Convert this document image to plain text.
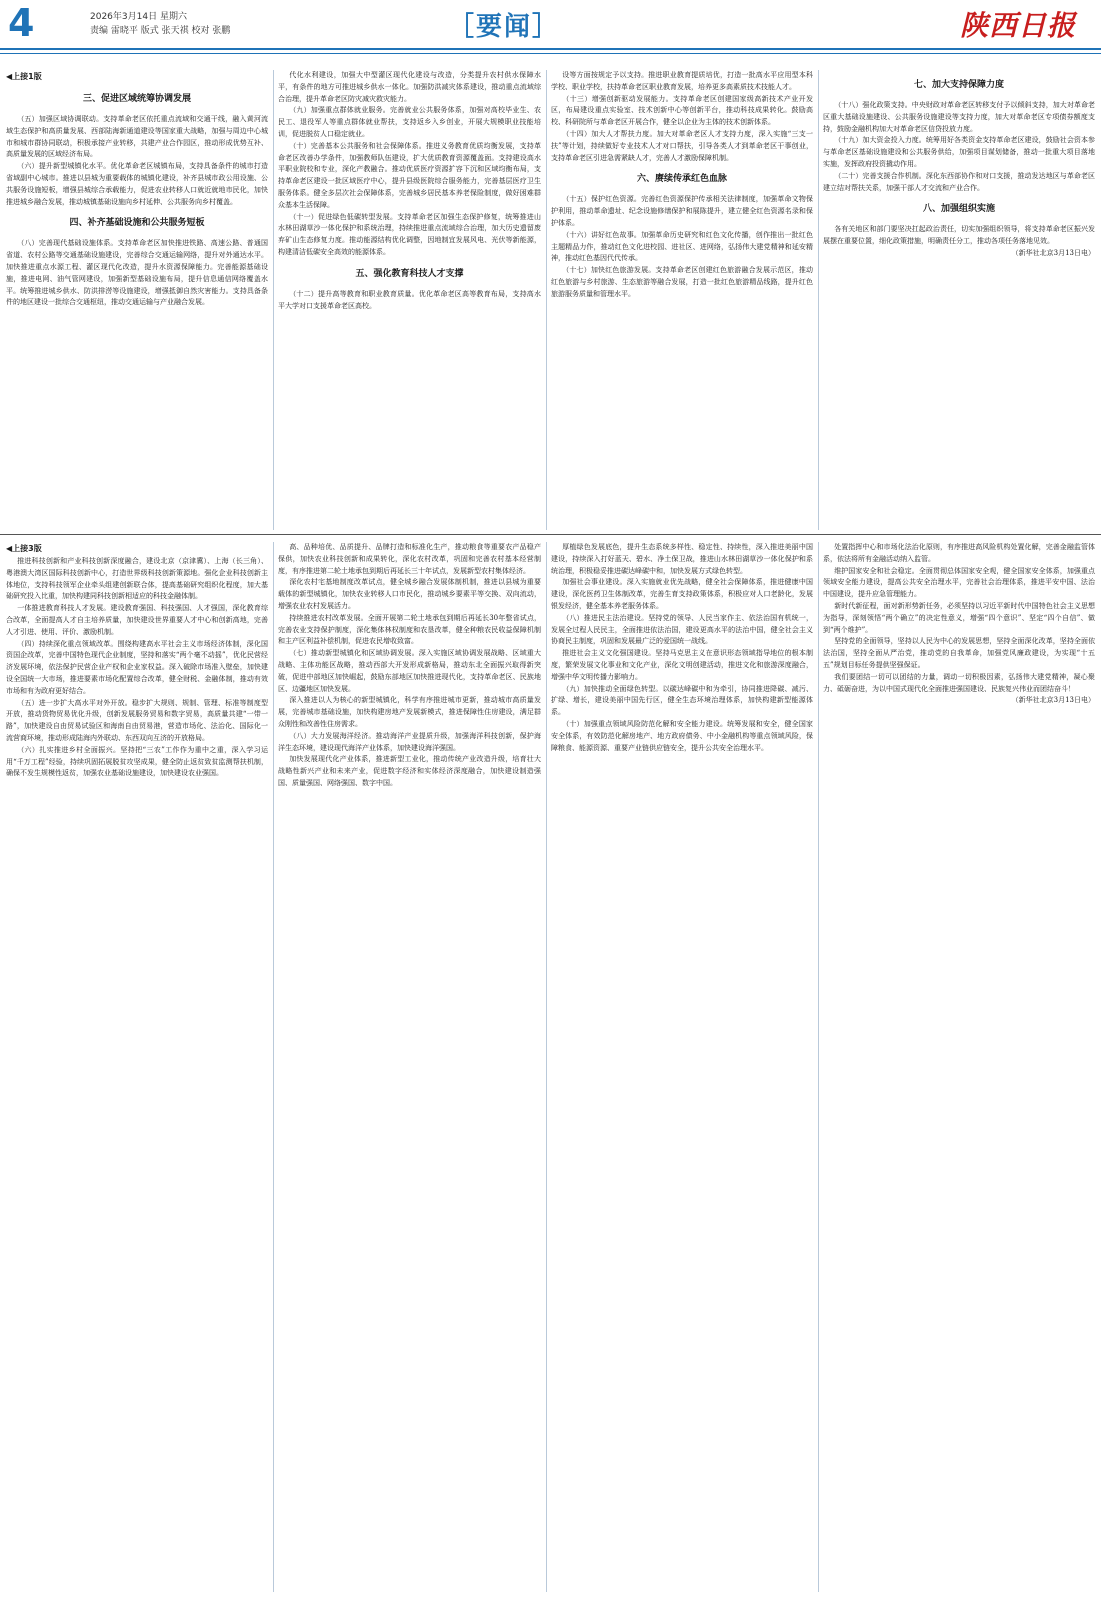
4	2026年3月14日 星期六
责编 雷晓平 版式 张天祺 校对 张鹏	［要闻］	陕西日报

◀上接1版

三、促进区域统筹协调发展

（五）加强区域协调联动。支持革命老区依托重点流域和交通干线，融入黄河流域生态保护和高质量发展、西部陆海新通道建设等国家重大战略，加强与周边中心城市和城市群协同联动，积极承接产业转移，共建产业合作园区，推动形成优势互补、高质量发展的区域经济布局。

（六）提升新型城镇化水平。优化革命老区城镇布局，支持具备条件的城市打造省域副中心城市。推进以县城为重要载体的城镇化建设，补齐县城市政公用设施、公共服务设施短板，增强县城综合承载能力，促进农业转移人口就近就地市民化，加快推进城乡融合发展，推动城镇基础设施向乡村延伸、公共服务向乡村覆盖。

四、补齐基础设施和公共服务短板

（八）完善现代基础设施体系。支持革命老区加快推进铁路、高速公路、普通国省道、农村公路等交通基础设施建设，完善综合交通运输网络，提升对外通达水平。加快推进重点水源工程、灌区现代化改造，提升水资源保障能力。完善能源基础设施，推进电网、油气管网建设，加强新型基础设施布局，提升信息通信网络覆盖水平。统筹推进城乡供水、防洪排涝等设施建设，增强抵御自然灾害能力。支持具备条件的地区建设一批综合交通枢纽，推动交通运输与产业融合发展。

代化水利建设，加强大中型灌区现代化建设与改造，分类提升农村供水保障水平，有条件的地方可推进城乡供水一体化。加强防洪减灾体系建设，推动重点流域综合治理，提升革命老区防灾减灾救灾能力。

（九）加强重点群体就业服务。完善就业公共服务体系，加强对高校毕业生、农民工、退役军人等重点群体就业帮扶，支持返乡入乡创业，开展大规模职业技能培训，促进脱贫人口稳定就业。

（十）完善基本公共服务和社会保障体系。推进义务教育优质均衡发展，支持革命老区改善办学条件，加强教师队伍建设，扩大优质教育资源覆盖面。支持建设高水平职业院校和专业，深化产教融合。推动优质医疗资源扩容下沉和区域均衡布局，支持革命老区建设一批区域医疗中心，提升县级医院综合服务能力，完善基层医疗卫生服务体系。健全多层次社会保障体系，完善城乡居民基本养老保险制度，做好困难群众基本生活保障。

（十一）促进绿色低碳转型发展。支持革命老区加强生态保护修复，统筹推进山水林田湖草沙一体化保护和系统治理，持续推进重点流域综合治理，加大历史遗留废弃矿山生态修复力度。推动能源结构优化调整，因地制宜发展风电、光伏等新能源，构建清洁低碳安全高效的能源体系。

五、强化教育科技人才支撑

（十二）提升高等教育和职业教育质量。优化革命老区高等教育布局，支持高水平大学对口支援革命老区高校。

设等方面按规定予以支持。推进职业教育提质培优，打造一批高水平应用型本科学校、职业学校，扶持革命老区职业教育发展，培养更多高素质技术技能人才。

（十三）增强创新驱动发展能力。支持革命老区创建国家级高新技术产业开发区，布局建设重点实验室、技术创新中心等创新平台，推动科技成果转化。鼓励高校、科研院所与革命老区开展合作，健全以企业为主体的技术创新体系。

（十四）加大人才帮扶力度。加大对革命老区人才支持力度，深入实施“三支一扶”等计划，持续做好专业技术人才对口帮扶，引导各类人才到革命老区干事创业，支持革命老区引进急需紧缺人才，完善人才激励保障机制。

六、赓续传承红色血脉

（十五）保护红色资源。完善红色资源保护传承相关法律制度，加强革命文物保护利用，推动革命遗址、纪念设施修缮保护和展陈提升，建立健全红色资源名录和保护体系。

（十六）讲好红色故事。加强革命历史研究和红色文化传播，创作推出一批红色主题精品力作，推动红色文化进校园、进社区、进网络，弘扬伟大建党精神和延安精神，推动红色基因代代传承。

（十七）加快红色旅游发展。支持革命老区创建红色旅游融合发展示范区，推动红色旅游与乡村旅游、生态旅游等融合发展，打造一批红色旅游精品线路，提升红色旅游服务质量和管理水平。

七、加大支持保障力度

（十八）强化政策支持。中央财政对革命老区转移支付予以倾斜支持，加大对革命老区重大基础设施建设、公共服务设施建设等支持力度，加大对革命老区专项债券额度支持，鼓励金融机构加大对革命老区信贷投放力度。

（十九）加大资金投入力度。统筹用好各类资金支持革命老区建设，鼓励社会资本参与革命老区基础设施建设和公共服务供给，加强项目谋划储备，推动一批重大项目落地实施，发挥政府投资撬动作用。

（二十）完善支援合作机制。深化东西部协作和对口支援，推动发达地区与革命老区建立结对帮扶关系，加强干部人才交流和产业合作。

八、加强组织实施

各有关地区和部门要坚决扛起政治责任，切实加强组织领导，将支持革命老区振兴发展摆在重要位置，细化政策措施，明确责任分工，推动各项任务落地见效。

（新华社北京3月13日电）

◀上接3版

推进科技创新和产业科技创新深度融合，建设北京（京津冀）、上海（长三角）、粤港澳大湾区国际科技创新中心，打造世界级科技创新策源地。强化企业科技创新主体地位，支持科技领军企业牵头组建创新联合体，提高基础研究组织化程度，加大基础研究投入比重，加快构建同科技创新相适应的科技金融体制。

一体推进教育科技人才发展。建设教育强国、科技强国、人才强国，深化教育综合改革，全面提高人才自主培养质量，加快建设世界重要人才中心和创新高地，完善人才引进、使用、评价、激励机制。

（四）持续深化重点领域改革。围绕构建高水平社会主义市场经济体制，深化国资国企改革，完善中国特色现代企业制度，坚持和落实“两个毫不动摇”，优化民营经济发展环境，依法保护民营企业产权和企业家权益。深入破除市场准入壁垒，加快建设全国统一大市场，推进要素市场化配置综合改革，健全财税、金融体制，推动有效市场和有为政府更好结合。

（五）进一步扩大高水平对外开放。稳步扩大规则、规制、管理、标准等制度型开放，推动货物贸易优化升级，创新发展服务贸易和数字贸易，高质量共建“一带一路”，加快建设自由贸易试验区和海南自由贸易港，营造市场化、法治化、国际化一流营商环境，推动形成陆海内外联动、东西双向互济的开放格局。

（六）扎实推进乡村全面振兴。坚持把“三农”工作作为重中之重，深入学习运用“千万工程”经验，持续巩固拓展脱贫攻坚成果，健全防止返贫致贫监测帮扶机制，确保不发生规模性返贫，加强农业基础设施建设，加快建设农业强国。

高、品种培优、品质提升、品牌打造和标准化生产，推动粮食等重要农产品稳产保供，加快农业科技创新和成果转化，深化农村改革，巩固和完善农村基本经营制度，有序推进第二轮土地承包到期后再延长三十年试点，发展新型农村集体经济。

深化农村宅基地制度改革试点，健全城乡融合发展体制机制，推进以县城为重要载体的新型城镇化，加快农业转移人口市民化，推动城乡要素平等交换、双向流动，增强农业农村发展活力。

持续推进农村改革发展。全面开展第二轮土地承包到期后再延长30年整省试点，完善农业支持保护制度，深化集体林权制度和农垦改革，健全种粮农民收益保障机制和主产区利益补偿机制，促进农民增收致富。

（七）推动新型城镇化和区域协调发展。深入实施区域协调发展战略、区域重大战略、主体功能区战略，推动西部大开发形成新格局，推动东北全面振兴取得新突破，促进中部地区加快崛起，鼓励东部地区加快推进现代化，支持革命老区、民族地区、边疆地区加快发展。

深入推进以人为核心的新型城镇化，科学有序推进城市更新，推动城市高质量发展，完善城市基础设施，加快构建房地产发展新模式，推进保障性住房建设，满足群众刚性和改善性住房需求。

（八）大力发展海洋经济。推动海洋产业提质升级，加强海洋科技创新，保护海洋生态环境，建设现代海洋产业体系，加快建设海洋强国。

加快发展现代化产业体系，推进新型工业化，推动传统产业改造升级，培育壮大战略性新兴产业和未来产业，促进数字经济和实体经济深度融合，加快建设制造强国、质量强国、网络强国、数字中国。

厚植绿色发展底色，提升生态系统多样性、稳定性、持续性，深入推进美丽中国建设，持续深入打好蓝天、碧水、净土保卫战，推进山水林田湖草沙一体化保护和系统治理，积极稳妥推进碳达峰碳中和，加快发展方式绿色转型。

加强社会事业建设。深入实施就业优先战略，健全社会保障体系，推进健康中国建设，深化医药卫生体制改革，完善生育支持政策体系，积极应对人口老龄化，发展银发经济，健全基本养老服务体系。

（八）推进民主法治建设。坚持党的领导、人民当家作主、依法治国有机统一，发展全过程人民民主，全面推进依法治国，建设更高水平的法治中国，健全社会主义协商民主制度，巩固和发展最广泛的爱国统一战线。

推进社会主义文化强国建设。坚持马克思主义在意识形态领域指导地位的根本制度，繁荣发展文化事业和文化产业，深化文明创建活动，推进文化和旅游深度融合，增强中华文明传播力影响力。

（九）加快推动全面绿色转型。以碳达峰碳中和为牵引，协同推进降碳、减污、扩绿、增长，建设美丽中国先行区，健全生态环境治理体系，加快构建新型能源体系。

（十）加强重点领域风险防范化解和安全能力建设。统筹发展和安全，健全国家安全体系，有效防范化解房地产、地方政府债务、中小金融机构等重点领域风险，保障粮食、能源资源、重要产业链供应链安全，提升公共安全治理水平。

处置指挥中心和市场化法治化原则，有序推进高风险机构处置化解，完善金融监管体系，依法将所有金融活动纳入监管。

维护国家安全和社会稳定。全面贯彻总体国家安全观，健全国家安全体系，加强重点领域安全能力建设，提高公共安全治理水平，完善社会治理体系，推进平安中国、法治中国建设，提升应急管理能力。

新时代新征程，面对新形势新任务，必须坚持以习近平新时代中国特色社会主义思想为指导，深刻领悟“两个确立”的决定性意义，增强“四个意识”、坚定“四个自信”、做到“两个维护”。

坚持党的全面领导，坚持以人民为中心的发展思想，坚持全面深化改革，坚持全面依法治国，坚持全面从严治党，推动党的自我革命，加强党风廉政建设，为实现“十五五”规划目标任务提供坚强保证。

我们要团结一切可以团结的力量，调动一切积极因素，弘扬伟大建党精神，凝心聚力、砥砺奋进，为以中国式现代化全面推进强国建设、民族复兴伟业而团结奋斗！

（新华社北京3月13日电）
